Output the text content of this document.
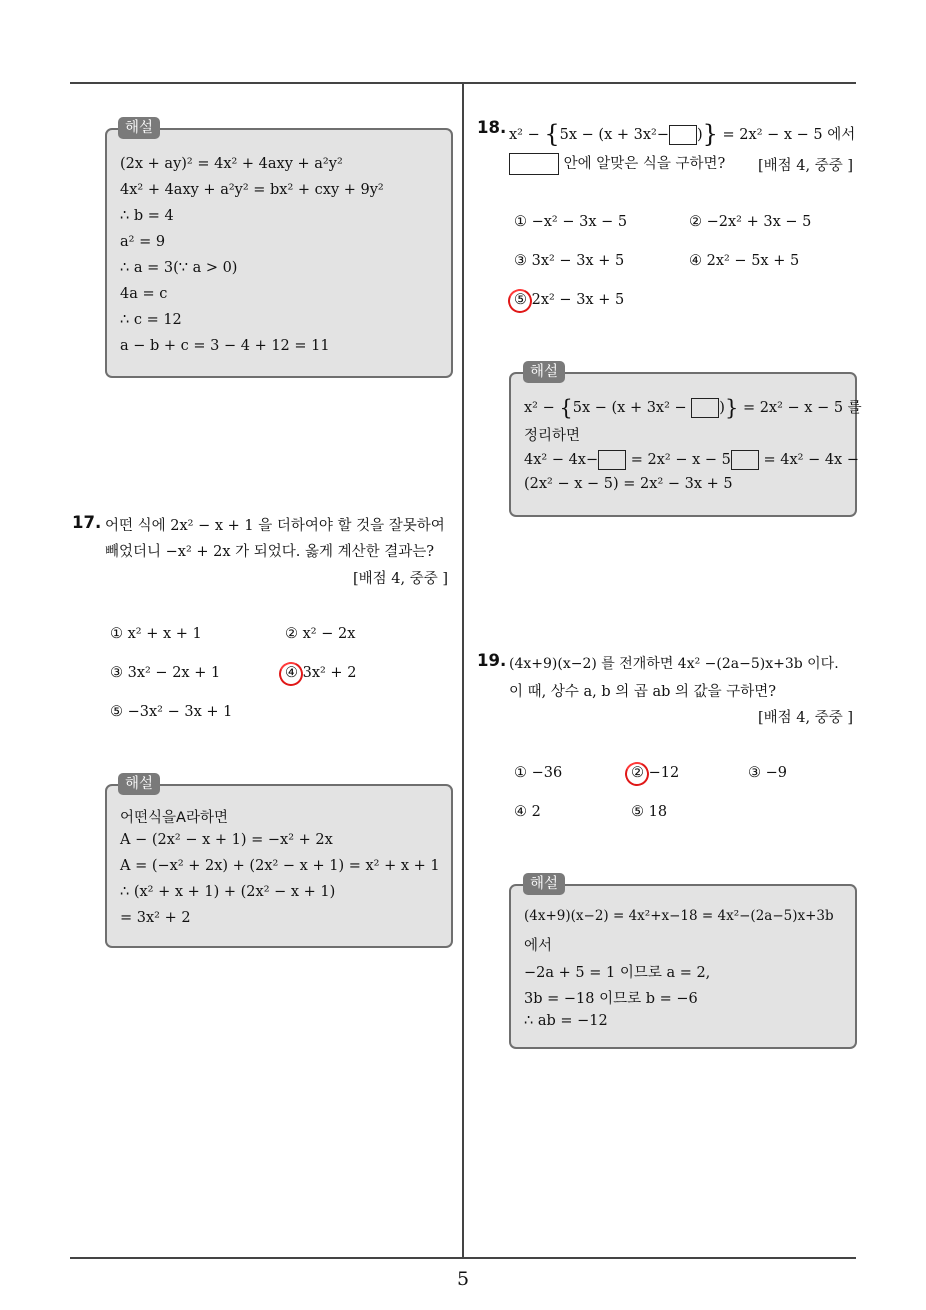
5
(2x + ay)² = 4x² + 4axy + a²y²
4x² + 4axy + a²y² = bx² + cxy + 9y²
∴ b = 4
a² = 9
∴ a = 3(∵ a > 0)
4a = c
∴ c = 12
a − b + c = 3 − 4 + 12 = 11
해설
17. 어떤 식에 2x² − x + 1 을 더하여야 할 것을 잘못하여
빼었더니 −x² + 2x 가 되었다. 옳게 계산한 결과는?
[배점 4, 중중 ]
① x² + x + 1	② x² − 2x
③ 3x² − 2x + 1	④ 3x² + 2
⑤ −3x² − 3x + 1
어떤식을A라하면
A − (2x² − x + 1) = −x² + 2x
A = (−x² + 2x) + (2x² − x + 1) = x² + x + 1
∴ (x² + x + 1) + (2x² − x + 1)
= 3x² + 2
해설
18. x² − {5x − (x + 3x²− )} = 2x² − x − 5 에서
안에 알맞은 식을 구하면?	[배점 4, 중중 ]
① −x² − 3x − 5	② −2x² + 3x − 5
③ 3x² − 3x + 5	④ 2x² − 5x + 5
⑤ 2x² − 3x + 5
x² − {5x − (x + 3x² − )} = 2x² − x − 5 를
정리하면
4x² − 4x− = 2x² − x − 5 = 4x² − 4x −
(2x² − x − 5) = 2x² − 3x + 5
해설
19. (4x+9)(x−2) 를 전개하면 4x² −(2a−5)x+3b 이다.
이 때, 상수 a, b 의 곱 ab 의 값을 구하면?
[배점 4, 중중 ]
① −36	② −12	③ −9
④ 2	⑤ 18
(4x+9)(x−2) = 4x²+x−18 = 4x²−(2a−5)x+3b
에서
−2a + 5 = 1 이므로 a = 2,
3b = −18 이므로 b = −6
∴ ab = −12
해설
